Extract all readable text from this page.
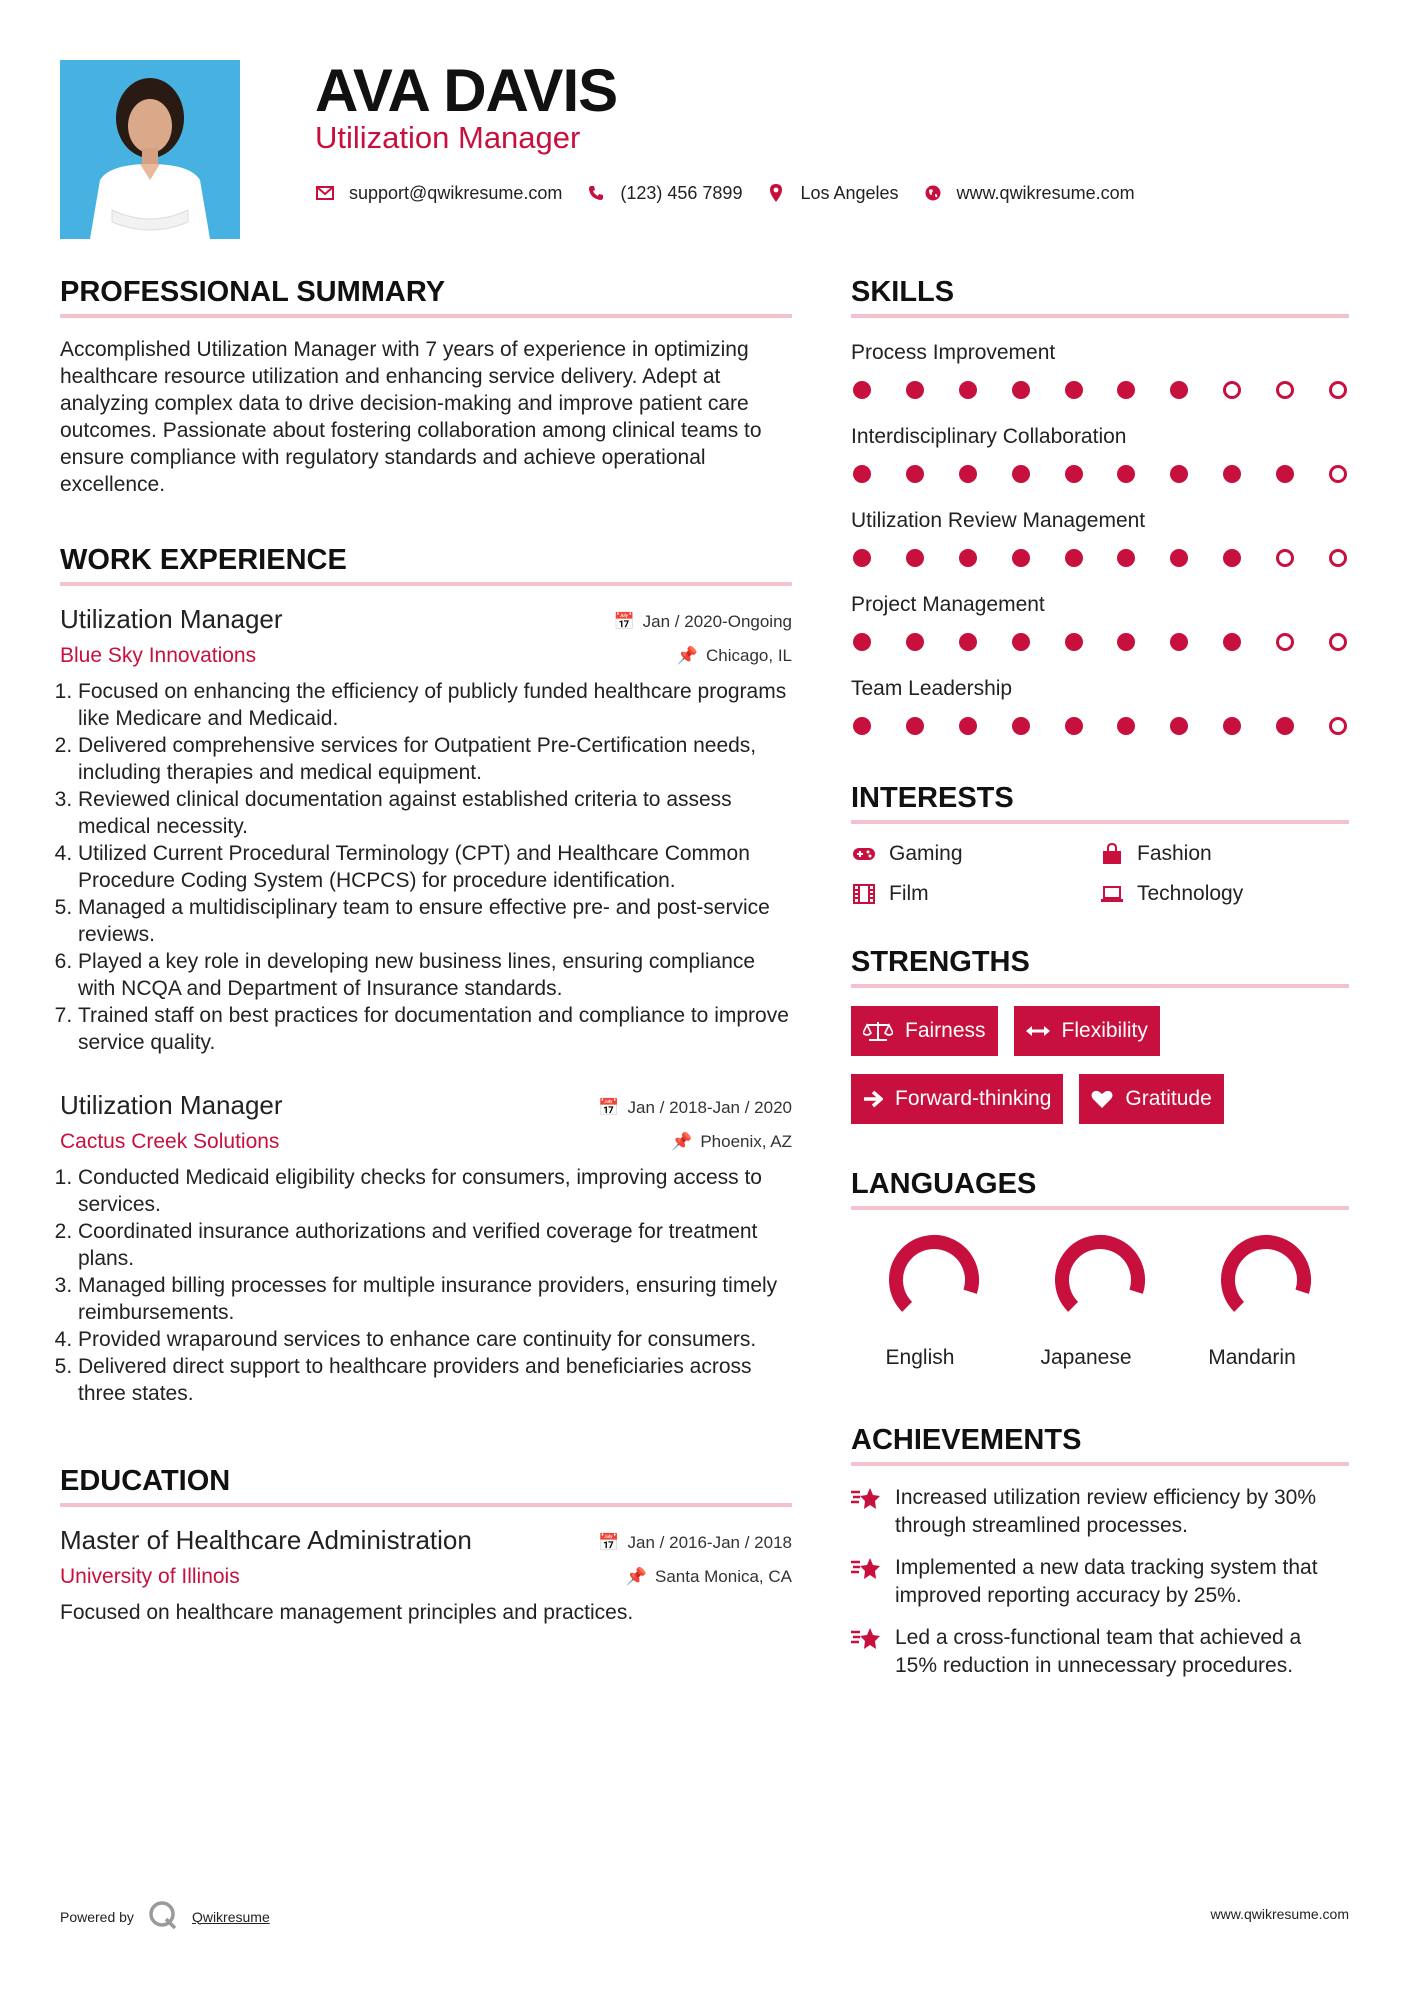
AVA DAVIS
Utilization Manager
support@qwikresume.com	(123) 456 7899	Los Angeles	www.qwikresume.com
PROFESSIONAL SUMMARY
Accomplished Utilization Manager with 7 years of experience in optimizing healthcare resource utilization and enhancing service delivery. Adept at analyzing complex data to drive decision-making and improve patient care outcomes. Passionate about fostering collaboration among clinical teams to ensure compliance with regulatory standards and achieve operational excellence.
WORK EXPERIENCE
Utilization Manager
Blue Sky Innovations
📅 Jan / 2020-Ongoing
📌 Chicago, IL
1. Focused on enhancing the efficiency of publicly funded healthcare programs like Medicare and Medicaid.
2. Delivered comprehensive services for Outpatient Pre-Certification needs, including therapies and medical equipment.
3. Reviewed clinical documentation against established criteria to assess medical necessity.
4. Utilized Current Procedural Terminology (CPT) and Healthcare Common Procedure Coding System (HCPCS) for procedure identification.
5. Managed a multidisciplinary team to ensure effective pre- and post-service reviews.
6. Played a key role in developing new business lines, ensuring compliance with NCQA and Department of Insurance standards.
7. Trained staff on best practices for documentation and compliance to improve service quality.
Utilization Manager
Cactus Creek Solutions
📅 Jan / 2018-Jan / 2020
📌 Phoenix, AZ
1. Conducted Medicaid eligibility checks for consumers, improving access to services.
2. Coordinated insurance authorizations and verified coverage for treatment plans.
3. Managed billing processes for multiple insurance providers, ensuring timely reimbursements.
4. Provided wraparound services to enhance care continuity for consumers.
5. Delivered direct support to healthcare providers and beneficiaries across three states.
EDUCATION
Master of Healthcare Administration
University of Illinois
📅 Jan / 2016-Jan / 2018
📌 Santa Monica, CA
Focused on healthcare management principles and practices.
SKILLS
Process Improvement
Interdisciplinary Collaboration
Utilization Review Management
Project Management
Team Leadership
INTERESTS
Gaming	Fashion
Film	Technology
STRENGTHS
Fairness	Flexibility
Forward-thinking	Gratitude
LANGUAGES
English	Japanese	Mandarin
ACHIEVEMENTS
Increased utilization review efficiency by 30% through streamlined processes.
Implemented a new data tracking system that improved reporting accuracy by 25%.
Led a cross-functional team that achieved a 15% reduction in unnecessary procedures.
Powered by	Qwikresume	www.qwikresume.com
